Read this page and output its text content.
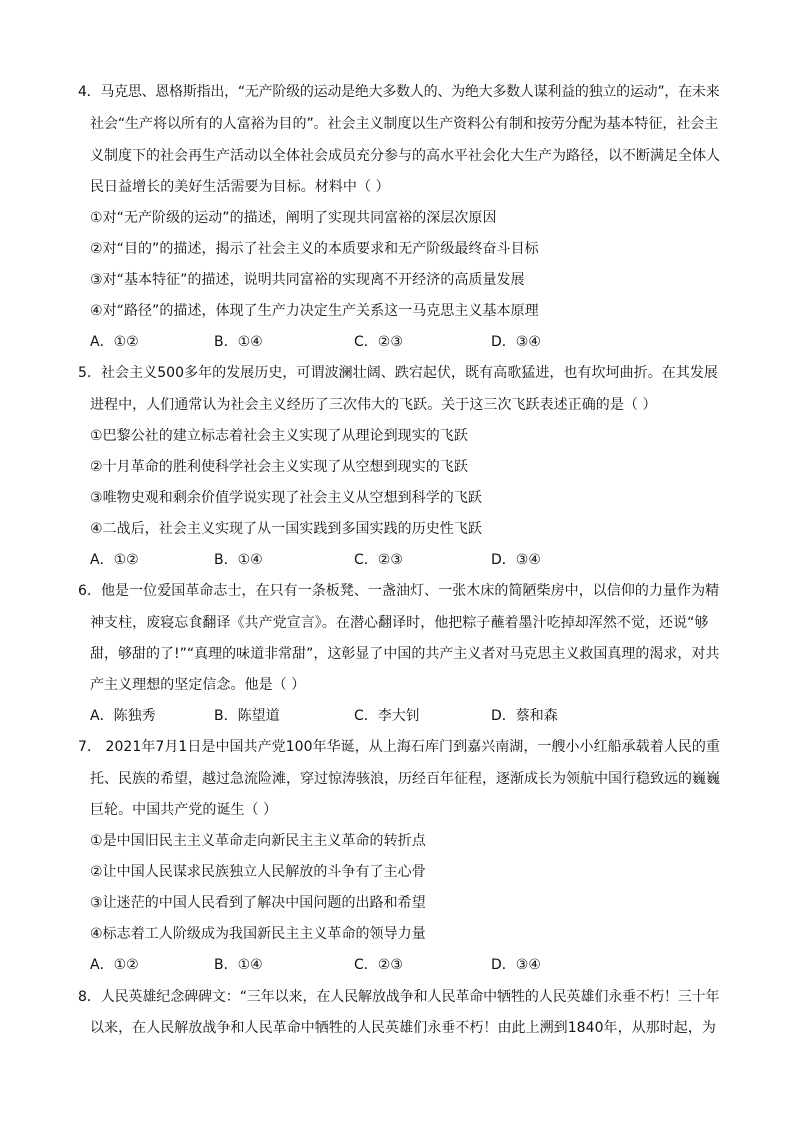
4．马克思、恩格斯指出，“无产阶级的运动是绝大多数人的、为绝大多数人谋利益的独立的运动”，在未来
社会“生产将以所有的人富裕为目的”。社会主义制度以生产资料公有制和按劳分配为基本特征，社会主
义制度下的社会再生产活动以全体社会成员充分参与的高水平社会化大生产为路径，以不断满足全体人
民日益增长的美好生活需要为目标。材料中（ ）
①对“无产阶级的运动”的描述，阐明了实现共同富裕的深层次原因
②对“目的”的描述，揭示了社会主义的本质要求和无产阶级最终奋斗目标
③对“基本特征”的描述，说明共同富裕的实现离不开经济的高质量发展
④对“路径”的描述，体现了生产力决定生产关系这一马克思主义基本原理
A．①②	B．①④	C．②③	D．③④
5．社会主义500多年的发展历史，可谓波澜壮阔、跌宕起伏，既有高歌猛进，也有坎坷曲折。在其发展
进程中，人们通常认为社会主义经历了三次伟大的飞跃。关于这三次飞跃表述正确的是（ ）
①巴黎公社的建立标志着社会主义实现了从理论到现实的飞跃
②十月革命的胜利使科学社会主义实现了从空想到现实的飞跃
③唯物史观和剩余价值学说实现了社会主义从空想到科学的飞跃
④二战后，社会主义实现了从一国实践到多国实践的历史性飞跃
A．①②	B．①④	C．②③	D．③④
6．他是一位爱国革命志士，在只有一条板凳、一盏油灯、一张木床的简陋柴房中，以信仰的力量作为精
神支柱，废寝忘食翻译《共产党宣言》。在潜心翻译时，他把粽子蘸着墨汁吃掉却浑然不觉，还说“够
甜，够甜的了!”“真理的味道非常甜”，这彰显了中国的共产主义者对马克思主义救国真理的渴求，对共
产主义理想的坚定信念。他是（ ）
A．陈独秀	B．陈望道	C．李大钊	D．蔡和森
7． 2021年7月1日是中国共产党100年华诞，从上海石库门到嘉兴南湖，一艘小小红船承载着人民的重
托、民族的希望，越过急流险滩，穿过惊涛骇浪，历经百年征程，逐渐成长为领航中国行稳致远的巍巍
巨轮。中国共产党的诞生（ ）
①是中国旧民主主义革命走向新民主主义革命的转折点
②让中国人民谋求民族独立人民解放的斗争有了主心骨
③让迷茫的中国人民看到了解决中国问题的出路和希望
④标志着工人阶级成为我国新民主主义革命的领导力量
A．①②	B．①④	C．②③	D．③④
8．人民英雄纪念碑碑文：“三年以来，在人民解放战争和人民革命中牺牲的人民英雄们永垂不朽！三十年
以来，在人民解放战争和人民革命中牺牲的人民英雄们永垂不朽！由此上溯到1840年，从那时起，为
